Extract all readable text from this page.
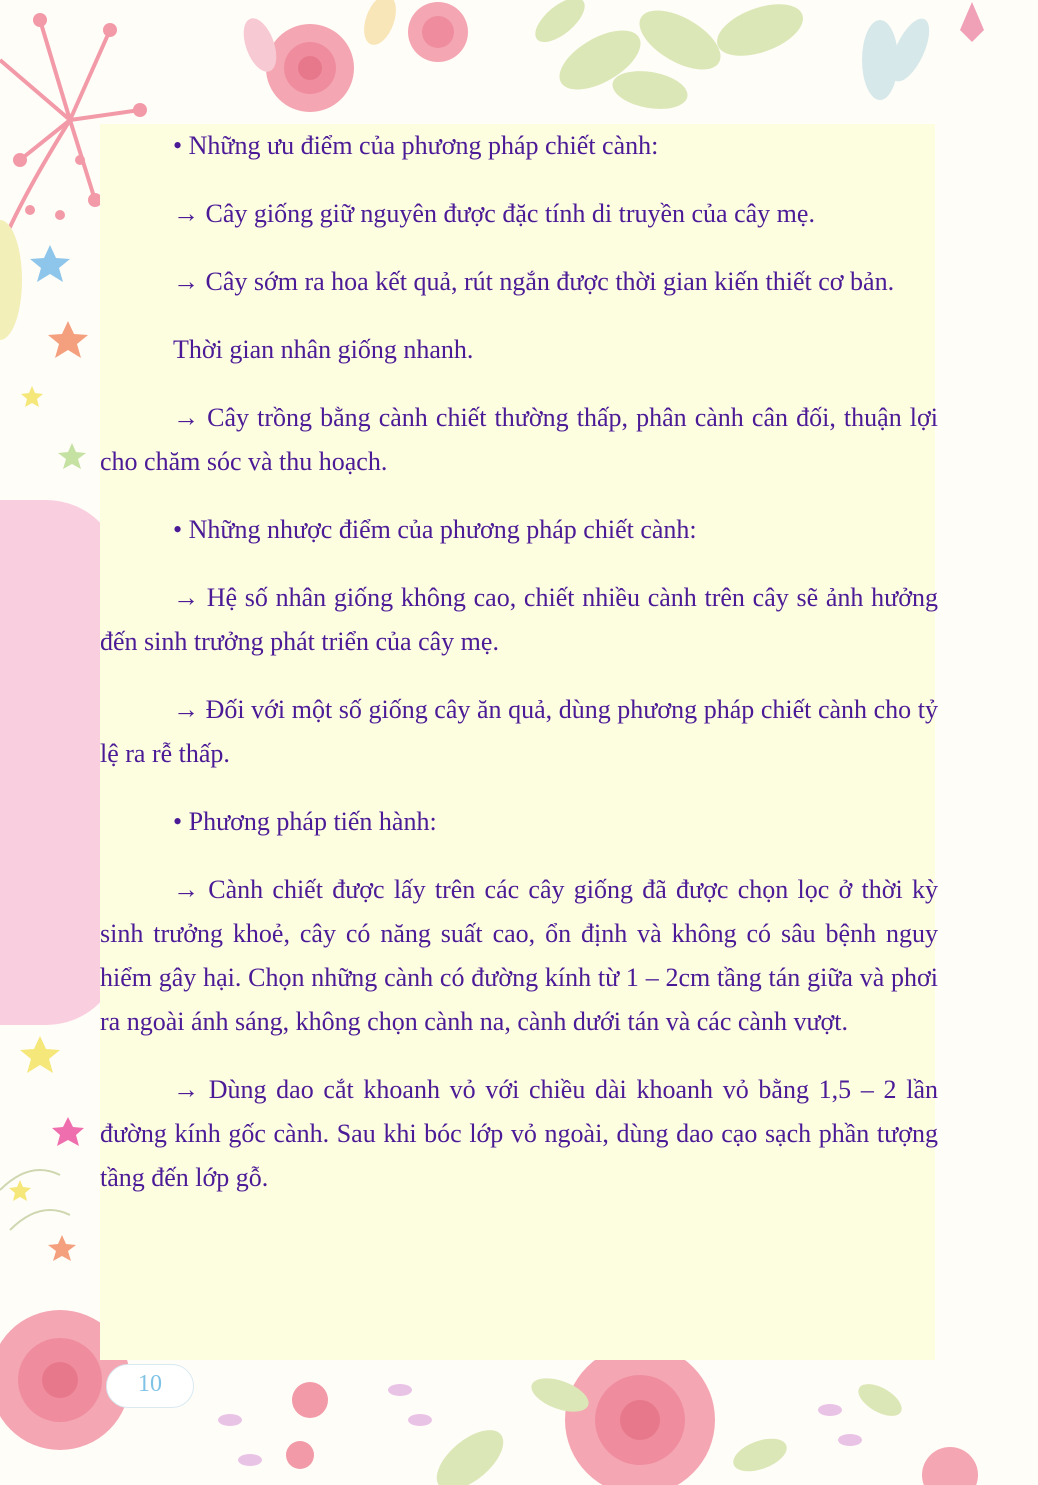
• Những ưu điểm của phương pháp chiết cành:

→ Cây giống giữ nguyên được đặc tính di truyền của cây mẹ.

→ Cây sớm ra hoa kết quả, rút ngắn được thời gian kiến thiết cơ bản.

Thời gian nhân giống nhanh.

→ Cây trồng bằng cành chiết thường thấp, phân cành cân đối, thuận lợi cho chăm sóc và thu hoạch.

• Những nhược điểm của phương pháp chiết cành:

→ Hệ số nhân giống không cao, chiết nhiều cành trên cây sẽ ảnh hưởng đến sinh trưởng phát triển của cây mẹ.

→ Đối với một số giống cây ăn quả, dùng phương pháp chiết cành cho tỷ lệ ra rễ thấp.

• Phương pháp tiến hành:

→ Cành chiết được lấy trên các cây giống đã được chọn lọc ở thời kỳ sinh trưởng khoẻ, cây có năng suất cao, ổn định và không có sâu bệnh nguy hiểm gây hại. Chọn những cành có đường kính từ 1 – 2cm tầng tán giữa và phơi ra ngoài ánh sáng, không chọn cành na, cành dưới tán và các cành vượt.

→ Dùng dao cắt khoanh vỏ với chiều dài khoanh vỏ bằng 1,5 – 2 lần đường kính gốc cành. Sau khi bóc lớp vỏ ngoài, dùng dao cạo sạch phần tượng tầng đến lớp gỗ.

10
